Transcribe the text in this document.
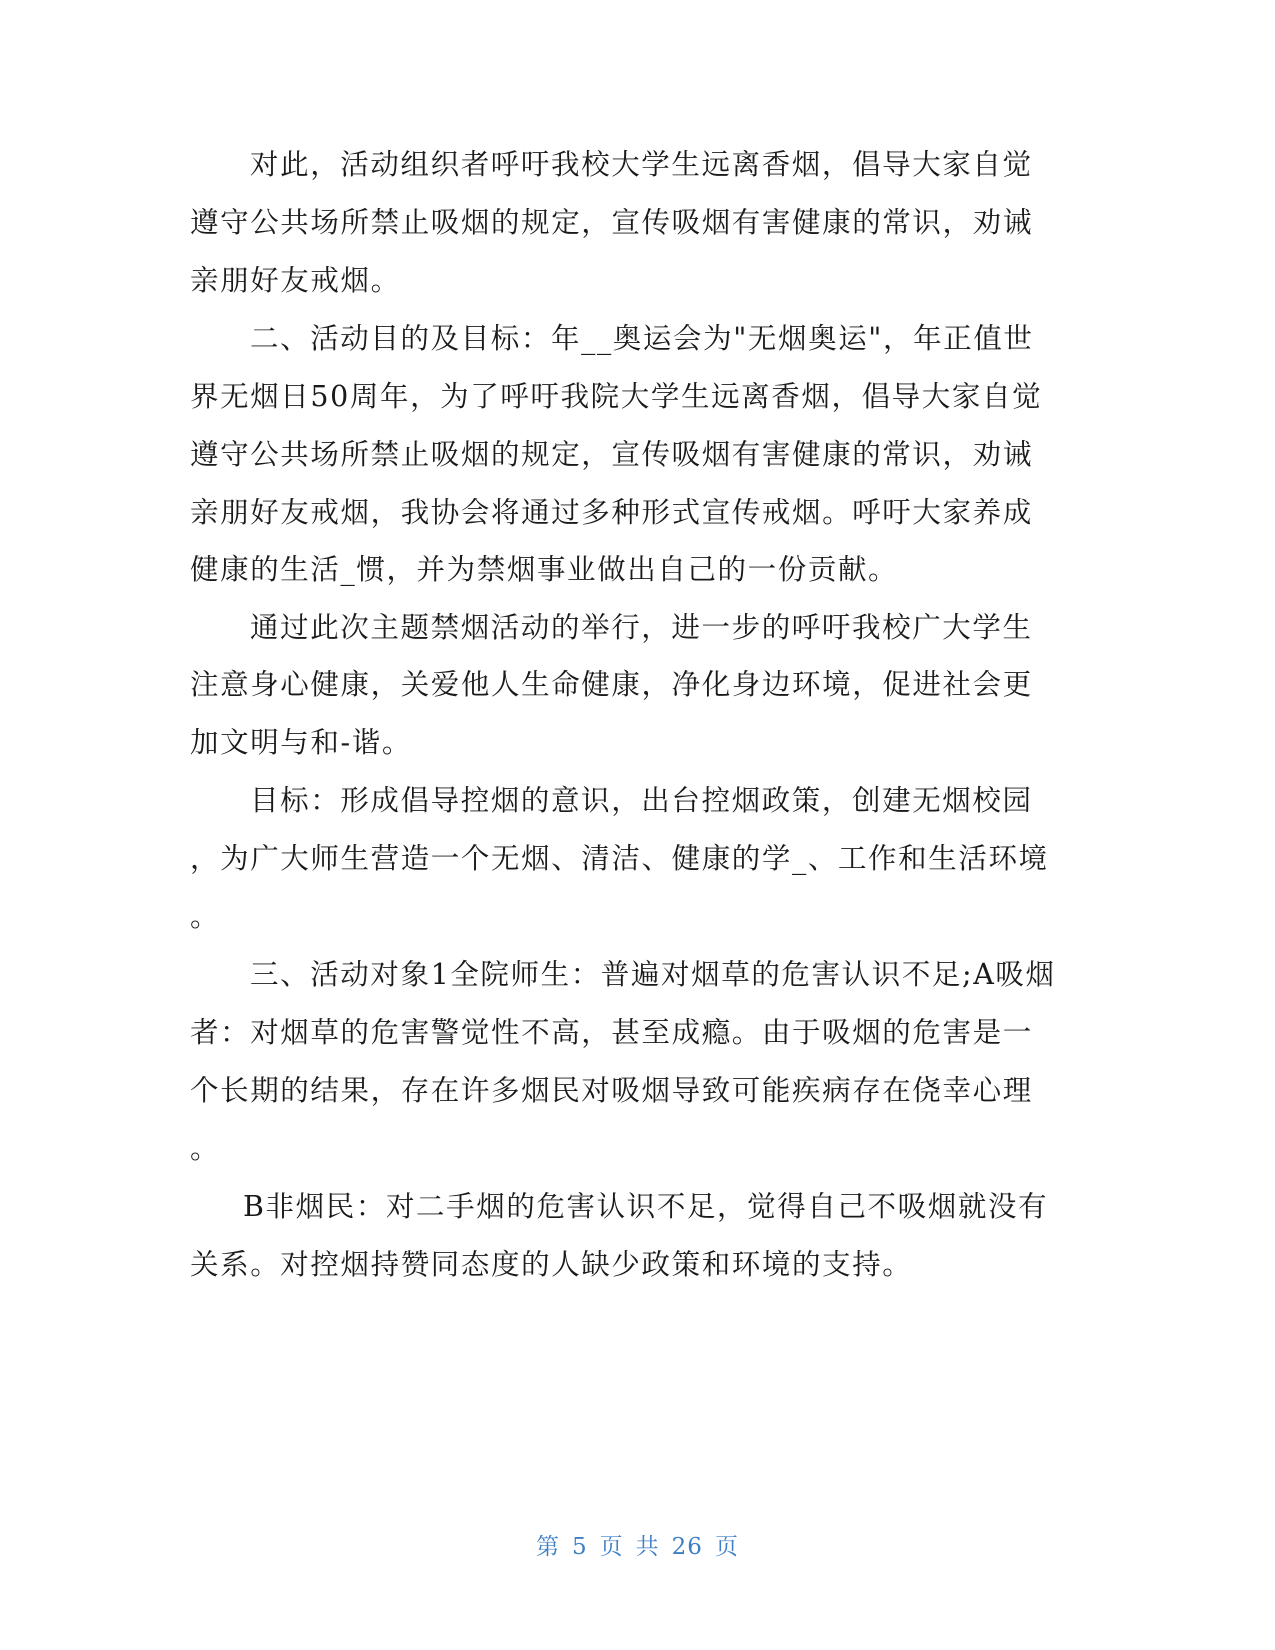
对此，活动组织者呼吁我校大学生远离香烟，倡导大家自觉
遵守公共场所禁止吸烟的规定，宣传吸烟有害健康的常识，劝诫
亲朋好友戒烟。
二、活动目的及目标：年__奥运会为"无烟奥运"，年正值世
界无烟日50周年，为了呼吁我院大学生远离香烟，倡导大家自觉
遵守公共场所禁止吸烟的规定，宣传吸烟有害健康的常识，劝诫
亲朋好友戒烟，我协会将通过多种形式宣传戒烟。呼吁大家养成
健康的生活_惯，并为禁烟事业做出自己的一份贡献。
通过此次主题禁烟活动的举行，进一步的呼吁我校广大学生
注意身心健康，关爱他人生命健康，净化身边环境，促进社会更
加文明与和-谐。
目标：形成倡导控烟的意识，出台控烟政策，创建无烟校园
，为广大师生营造一个无烟、清洁、健康的学_、工作和生活环境
。
三、活动对象1全院师生：普遍对烟草的危害认识不足;A吸烟
者：对烟草的危害警觉性不高，甚至成瘾。由于吸烟的危害是一
个长期的结果，存在许多烟民对吸烟导致可能疾病存在侥幸心理
。
B非烟民：对二手烟的危害认识不足，觉得自己不吸烟就没有
关系。对控烟持赞同态度的人缺少政策和环境的支持。
第 5 页 共 26 页
